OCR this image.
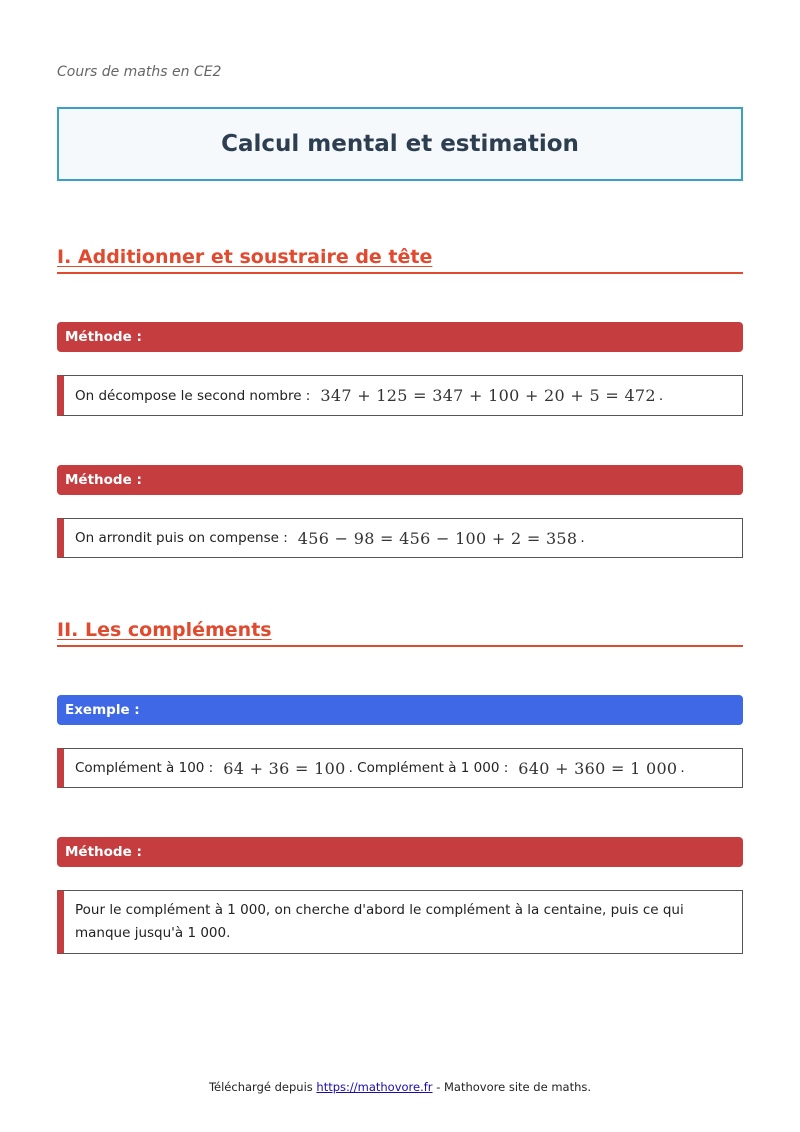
Cours de maths en CE2
Calcul mental et estimation
I. Additionner et soustraire de tête
Méthode :
On décompose le second nombre : 347 + 125 = 347 + 100 + 20 + 5 = 472 .
Méthode :
On arrondit puis on compense : 456 − 98 = 456 − 100 + 2 = 358 .
II. Les compléments
Exemple :
Complément à 100 : 64 + 36 = 100 . Complément à 1 000 : 640 + 360 = 1 000 .
Méthode :
Pour le complément à 1 000, on cherche d'abord le complément à la centaine, puis ce qui manque jusqu'à 1 000.
Téléchargé depuis https://mathovore.fr - Mathovore site de maths.
